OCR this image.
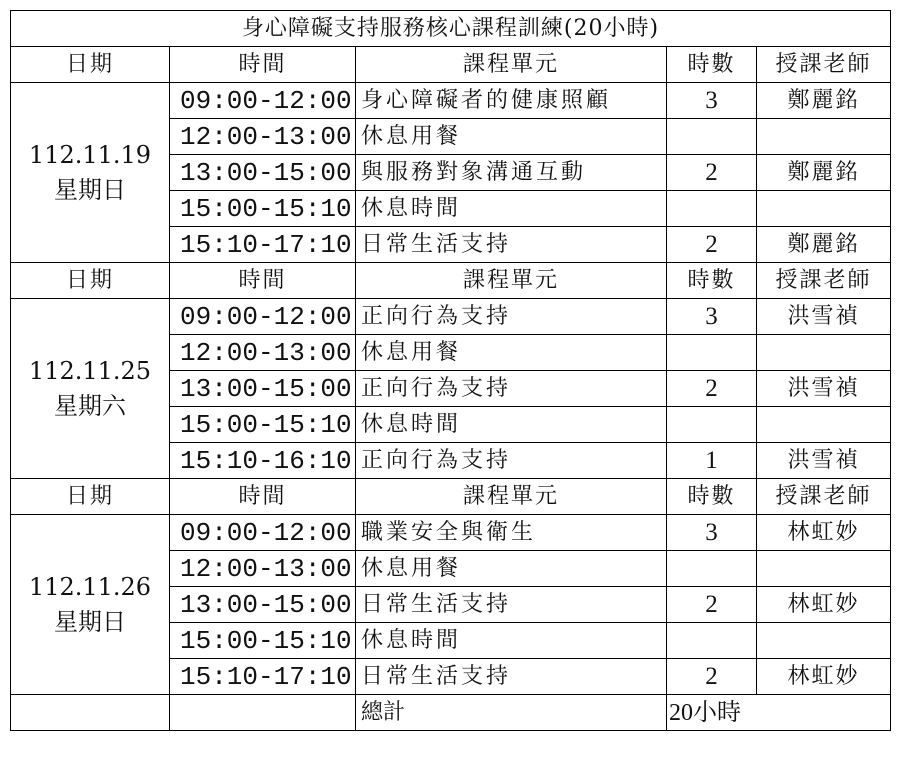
身心障礙支持服務核心課程訓練(20小時)				
日期	時間	課程單元	時數	授課老師

112.11.19
星期日	09:00-12:00	身心障礙者的健康照顧	3	鄭麗銘
	12:00-13:00	休息用餐		
	13:00-15:00	與服務對象溝通互動	2	鄭麗銘
	15:00-15:10	休息時間		
	15:10-17:10	日常生活支持	2	鄭麗銘
日期	時間	課程單元	時數	授課老師

112.11.25
星期六	09:00-12:00	正向行為支持	3	洪雪禎
	12:00-13:00	休息用餐		
	13:00-15:00	正向行為支持	2	洪雪禎
	15:00-15:10	休息時間		
	15:10-16:10	正向行為支持	1	洪雪禎
日期	時間	課程單元	時數	授課老師

112.11.26
星期日	09:00-12:00	職業安全與衛生	3	林虹妙
	12:00-13:00	休息用餐		
	13:00-15:00	日常生活支持	2	林虹妙
	15:00-15:10	休息時間		
	15:10-17:10	日常生活支持	2	林虹妙
		總計	20小時	
